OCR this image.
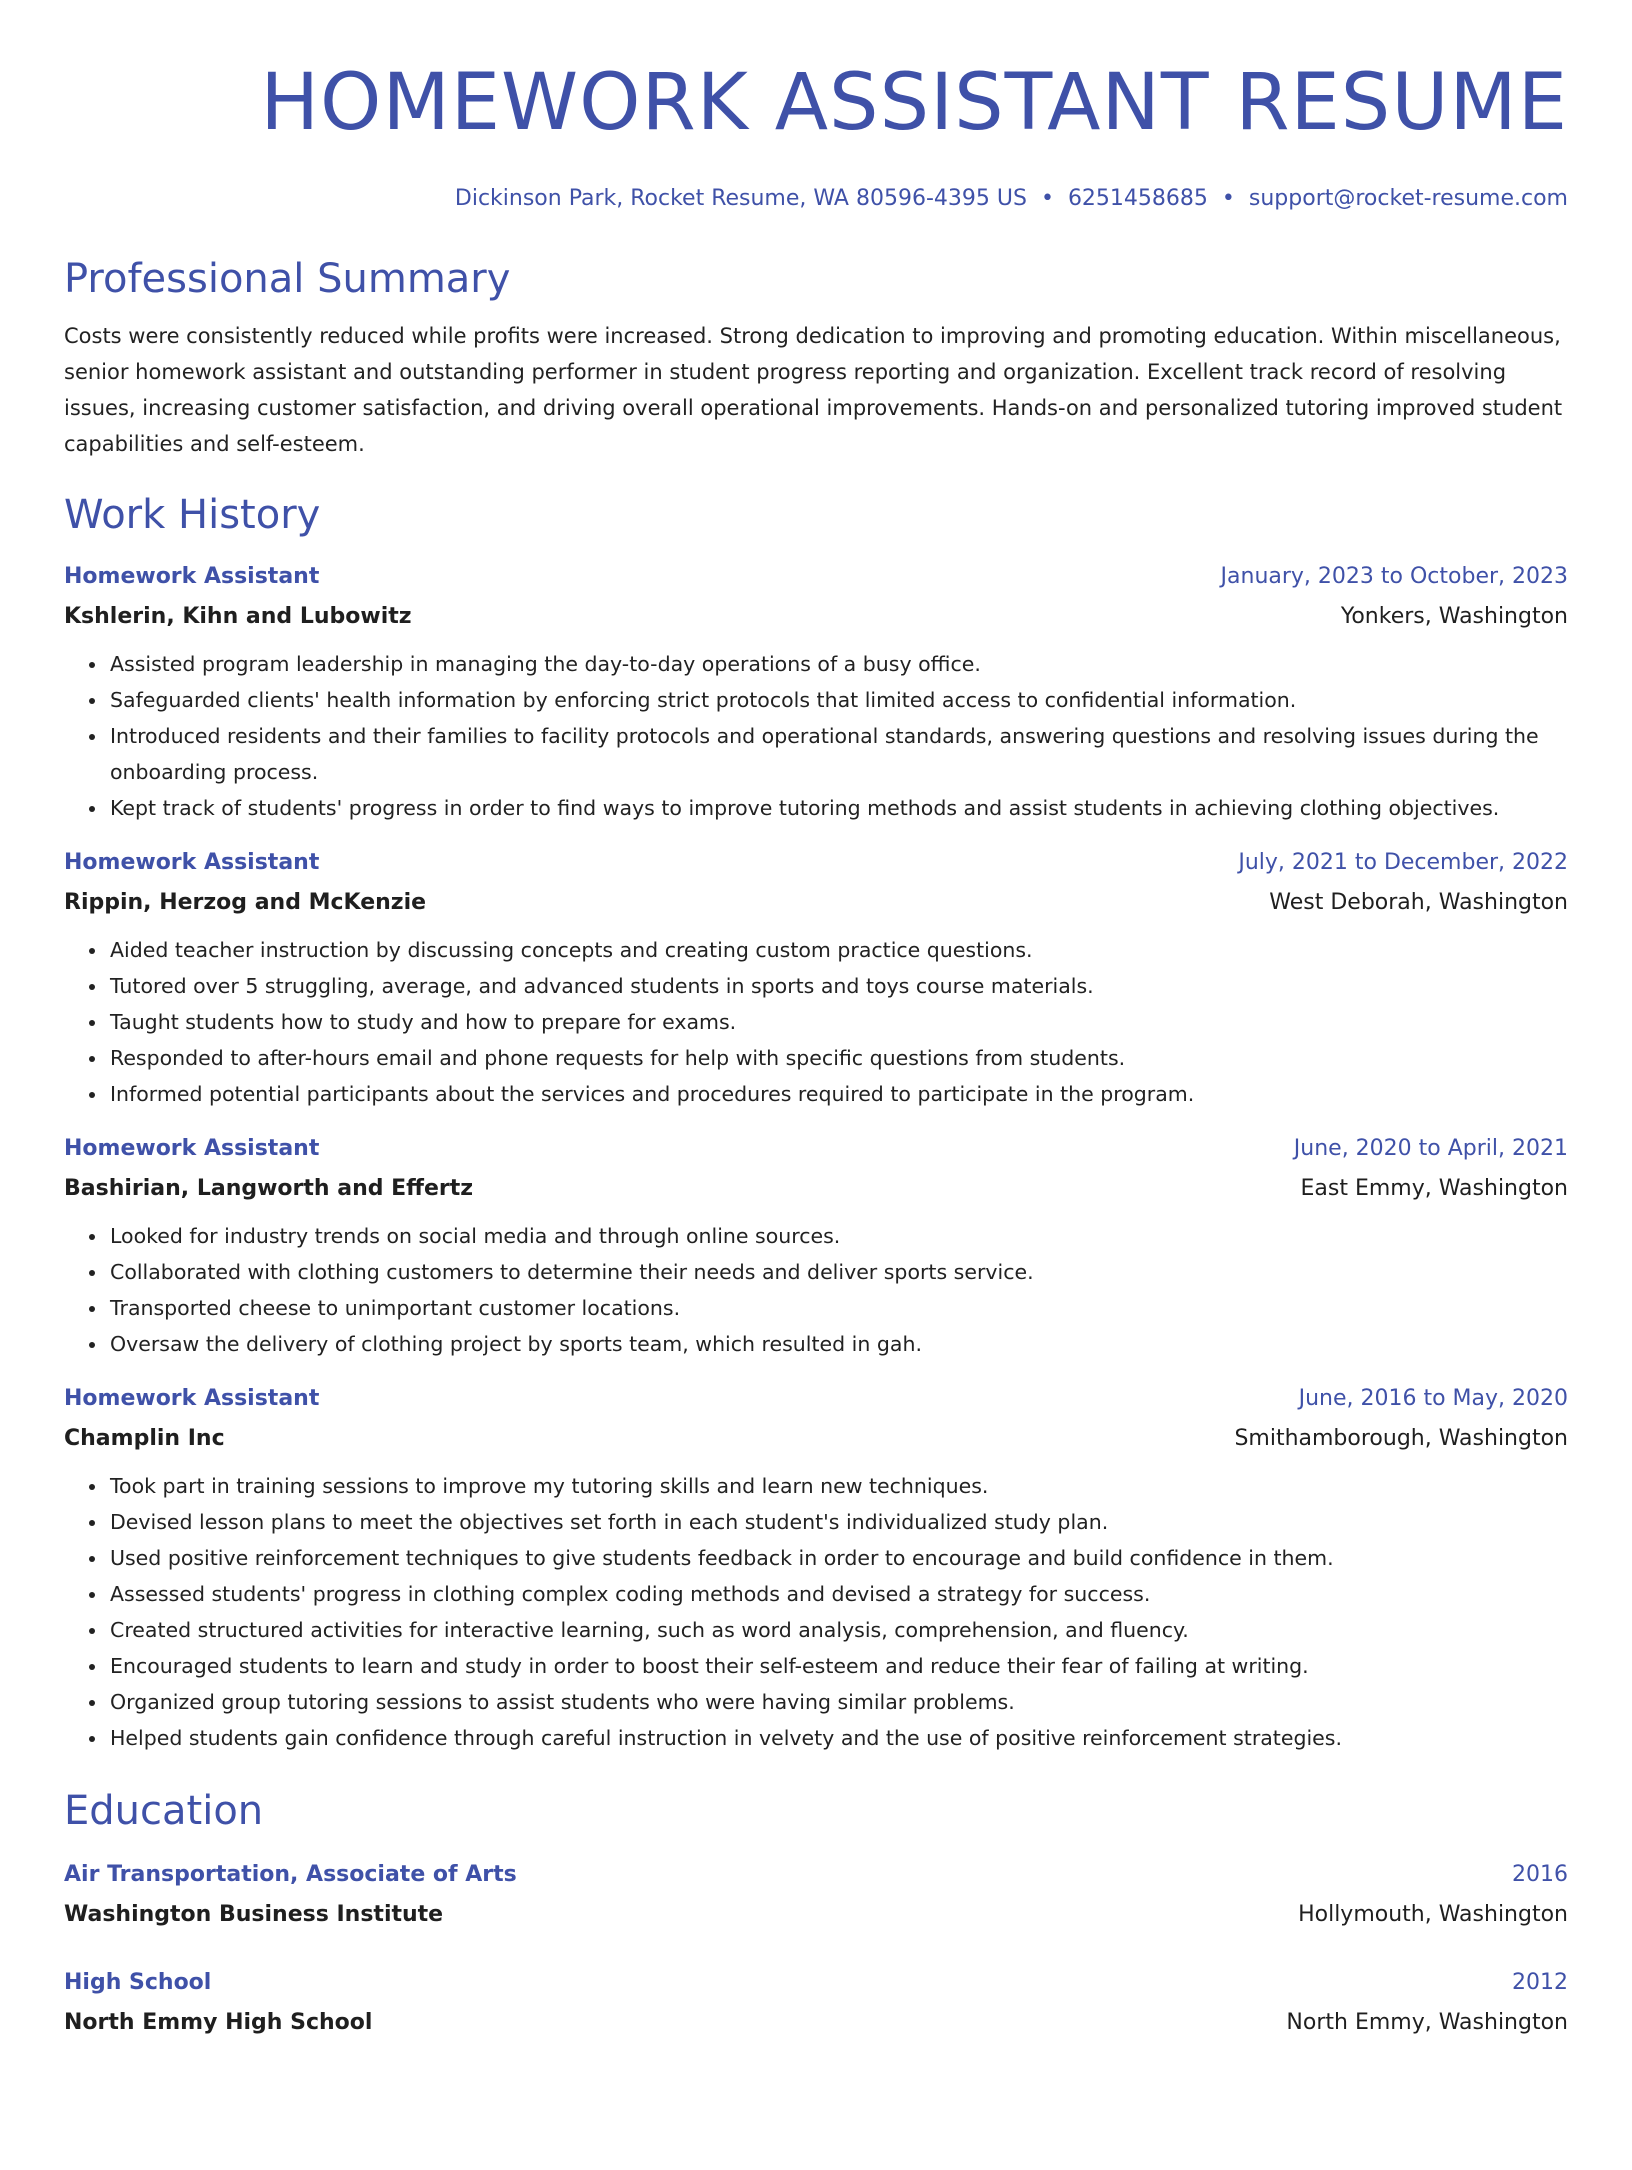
HOMEWORK ASSISTANT RESUME
Dickinson Park, Rocket Resume, WA 80596-4395 US • 6251458685 • support@rocket-resume.com
Professional Summary
Costs were consistently reduced while profits were increased. Strong dedication to improving and promoting education. Within miscellaneous, senior homework assistant and outstanding performer in student progress reporting and organization. Excellent track record of resolving issues, increasing customer satisfaction, and driving overall operational improvements. Hands-on and personalized tutoring improved student capabilities and self-esteem.
Work History
Homework Assistant	January, 2023 to October, 2023
Kshlerin, Kihn and Lubowitz	Yonkers, Washington
• Assisted program leadership in managing the day-to-day operations of a busy office.
• Safeguarded clients' health information by enforcing strict protocols that limited access to confidential information.
• Introduced residents and their families to facility protocols and operational standards, answering questions and resolving issues during the onboarding process.
• Kept track of students' progress in order to find ways to improve tutoring methods and assist students in achieving clothing objectives.
Homework Assistant	July, 2021 to December, 2022
Rippin, Herzog and McKenzie	West Deborah, Washington
• Aided teacher instruction by discussing concepts and creating custom practice questions.
• Tutored over 5 struggling, average, and advanced students in sports and toys course materials.
• Taught students how to study and how to prepare for exams.
• Responded to after-hours email and phone requests for help with specific questions from students.
• Informed potential participants about the services and procedures required to participate in the program.
Homework Assistant	June, 2020 to April, 2021
Bashirian, Langworth and Effertz	East Emmy, Washington
• Looked for industry trends on social media and through online sources.
• Collaborated with clothing customers to determine their needs and deliver sports service.
• Transported cheese to unimportant customer locations.
• Oversaw the delivery of clothing project by sports team, which resulted in gah.
Homework Assistant	June, 2016 to May, 2020
Champlin Inc	Smithamborough, Washington
• Took part in training sessions to improve my tutoring skills and learn new techniques.
• Devised lesson plans to meet the objectives set forth in each student's individualized study plan.
• Used positive reinforcement techniques to give students feedback in order to encourage and build confidence in them.
• Assessed students' progress in clothing complex coding methods and devised a strategy for success.
• Created structured activities for interactive learning, such as word analysis, comprehension, and fluency.
• Encouraged students to learn and study in order to boost their self-esteem and reduce their fear of failing at writing.
• Organized group tutoring sessions to assist students who were having similar problems.
• Helped students gain confidence through careful instruction in velvety and the use of positive reinforcement strategies.
Education
Air Transportation, Associate of Arts	2016
Washington Business Institute	Hollymouth, Washington
High School	2012
North Emmy High School	North Emmy, Washington
